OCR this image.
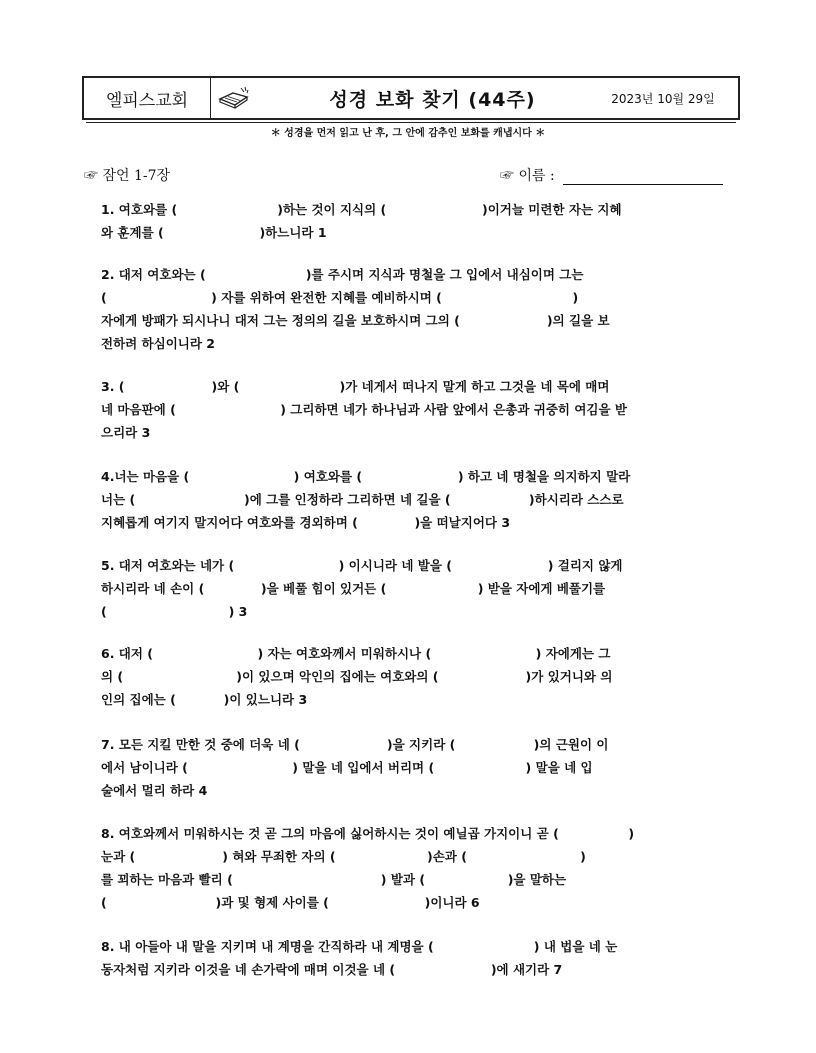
엘피스교회	성경 보화 찾기 (44주)	2023년 10월 29일
＊ 성경을 먼저 읽고 난 후, 그 안에 감추인 보화를 캐냅시다 ＊
☞ 잠언 1-7장	☞ 이름 :
1. 여호와를 (                       )하는 것이 지식의 (                      )이거늘 미련한 자는 지혜
와 훈계를 (                      )하느니라 1
2. 대저 여호와는 (                       )를 주시며 지식과 명철을 그 입에서 내심이며 그는
(                        ) 자를 위하여 완전한 지혜를 예비하시며 (                              )
자에게 방패가 되시나니 대저 그는 정의의 길을 보호하시며 그의 (                    )의 길을 보
전하려 하심이니라 2
3. (                    )와 (                       )가 네게서 떠나지 말게 하고 그것을 네 목에 매며
네 마음판에 (                        ) 그리하면 네가 하나님과 사람 앞에서 은총과 귀중히 여김을 받
으리라 3
4.너는 마음을 (                        ) 여호와를 (                      ) 하고 네 명철을 의지하지 말라
너는 (                         )에 그를 인정하라 그리하면 네 길을 (                  )하시리라 스스로
지혜롭게 여기지 말지어다 여호와를 경외하며 (             )을 떠날지어다 3
5. 대저 여호와는 네가 (                        ) 이시니라 네 발을 (                      ) 걸리지 않게
하시리라 네 손이 (             )을 베풀 힘이 있거든 (                     ) 받을 자에게 베풀기를
(                            ) 3
6. 대저 (                        ) 자는 여호와께서 미워하시나 (                        ) 자에게는 그
의 (                          )이 있으며 악인의 집에는 여호와의 (                    )가 있거니와 의
인의 집에는 (           )이 있느니라 3
7. 모든 지킬 만한 것 중에 더욱 네 (                    )을 지키라 (                  )의 근원이 이
에서 남이니라 (                        ) 말을 네 입에서 버리며 (                     ) 말을 네 입
술에서 멀리 하라 4
8. 여호와께서 미워하시는 것 곧 그의 마음에 싫어하시는 것이 예닐곱 가지이니 곧 (                )
눈과 (                    ) 혀와 무죄한 자의 (                     )손과 (                          )
를 꾀하는 마음과 빨리 (                                  ) 발과 (                   )을 말하는
(                         )과 및 형제 사이를 (                      )이니라 6
8. 내 아들아 내 말을 지키며 내 계명을 간직하라 내 계명을 (                       ) 내 법을 네 눈
동자처럼 지키라 이것을 네 손가락에 매며 이것을 네 (                      )에 새기라 7
